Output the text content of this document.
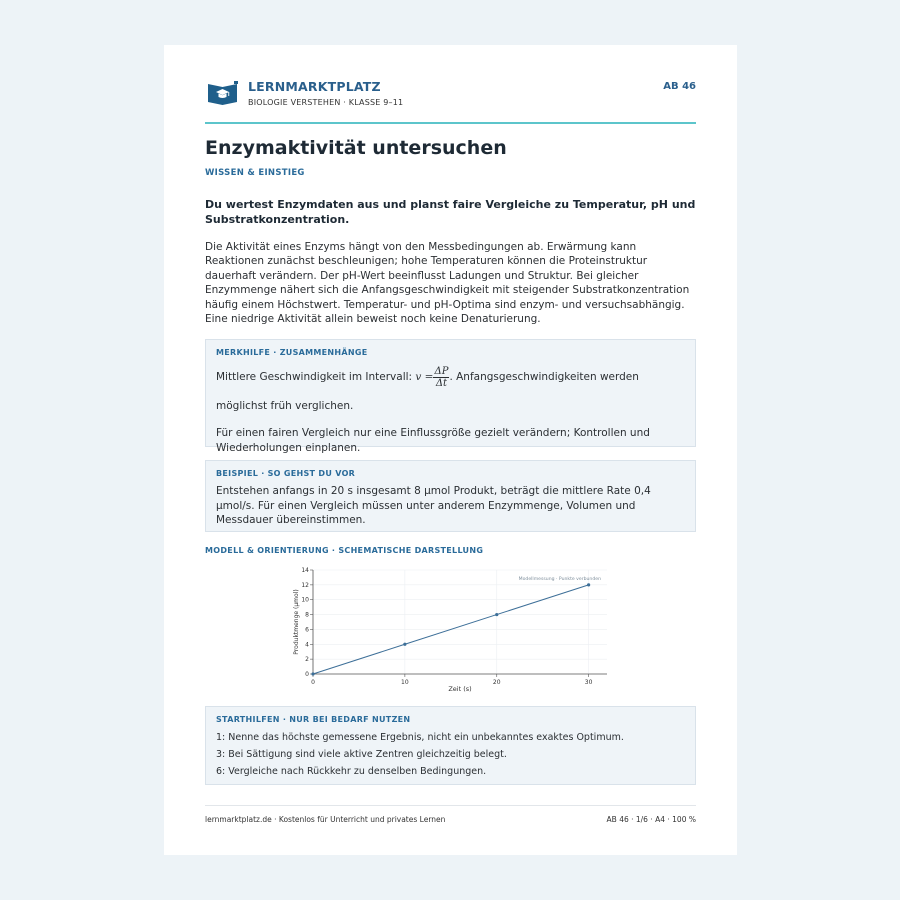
LERNMARKTPLATZ
BIOLOGIE VERSTEHEN · KLASSE 9–11
AB 46
Enzymaktivität untersuchen
WISSEN & EINSTIEG
Du wertest Enzymdaten aus und planst faire Vergleiche zu Temperatur, pH und Substratkonzentration.
Die Aktivität eines Enzyms hängt von den Messbedingungen ab. Erwärmung kann Reaktionen zunächst beschleunigen; hohe Temperaturen können die Proteinstruktur dauerhaft verändern. Der pH-Wert beeinflusst Ladungen und Struktur. Bei gleicher Enzymmenge nähert sich die Anfangsgeschwindigkeit mit steigender Substratkonzentration häufig einem Höchstwert. Temperatur- und pH-Optima sind enzym- und versuchsabhängig. Eine niedrige Aktivität allein beweist noch keine Denaturierung.
MERKHILFE · ZUSAMMENHÄNGE
Mittlere Geschwindigkeit im Intervall: $v = \frac{\Delta P}{\Delta t}$ . Anfangsgeschwindigkeiten werden möglichst früh verglichen.
Für einen fairen Vergleich nur eine Einflussgröße gezielt verändern; Kontrollen und Wiederholungen einplanen.
BEISPIEL · SO GEHST DU VOR
Entstehen anfangs in 20 s insgesamt 8 µmol Produkt, beträgt die mittlere Rate 0,4 µmol/s. Für einen Vergleich müssen unter anderem Enzymmenge, Volumen und Messdauer übereinstimmen.
MODELL & ORIENTIERUNG · SCHEMATISCHE DARSTELLUNG
0
2
4
6
8
10
12
14
0	10	20	30
Zeit (s)
Produktmenge (µmol)
Modellmessung · Punkte verbunden
STARTHILFEN · NUR BEI BEDARF NUTZEN
1: Nenne das höchste gemessene Ergebnis, nicht ein unbekanntes exaktes Optimum.
3: Bei Sättigung sind viele aktive Zentren gleichzeitig belegt.
6: Vergleiche nach Rückkehr zu denselben Bedingungen.
lernmarktplatz.de · Kostenlos für Unterricht und privates Lernen	AB 46 · 1/6 · A4 · 100 %
